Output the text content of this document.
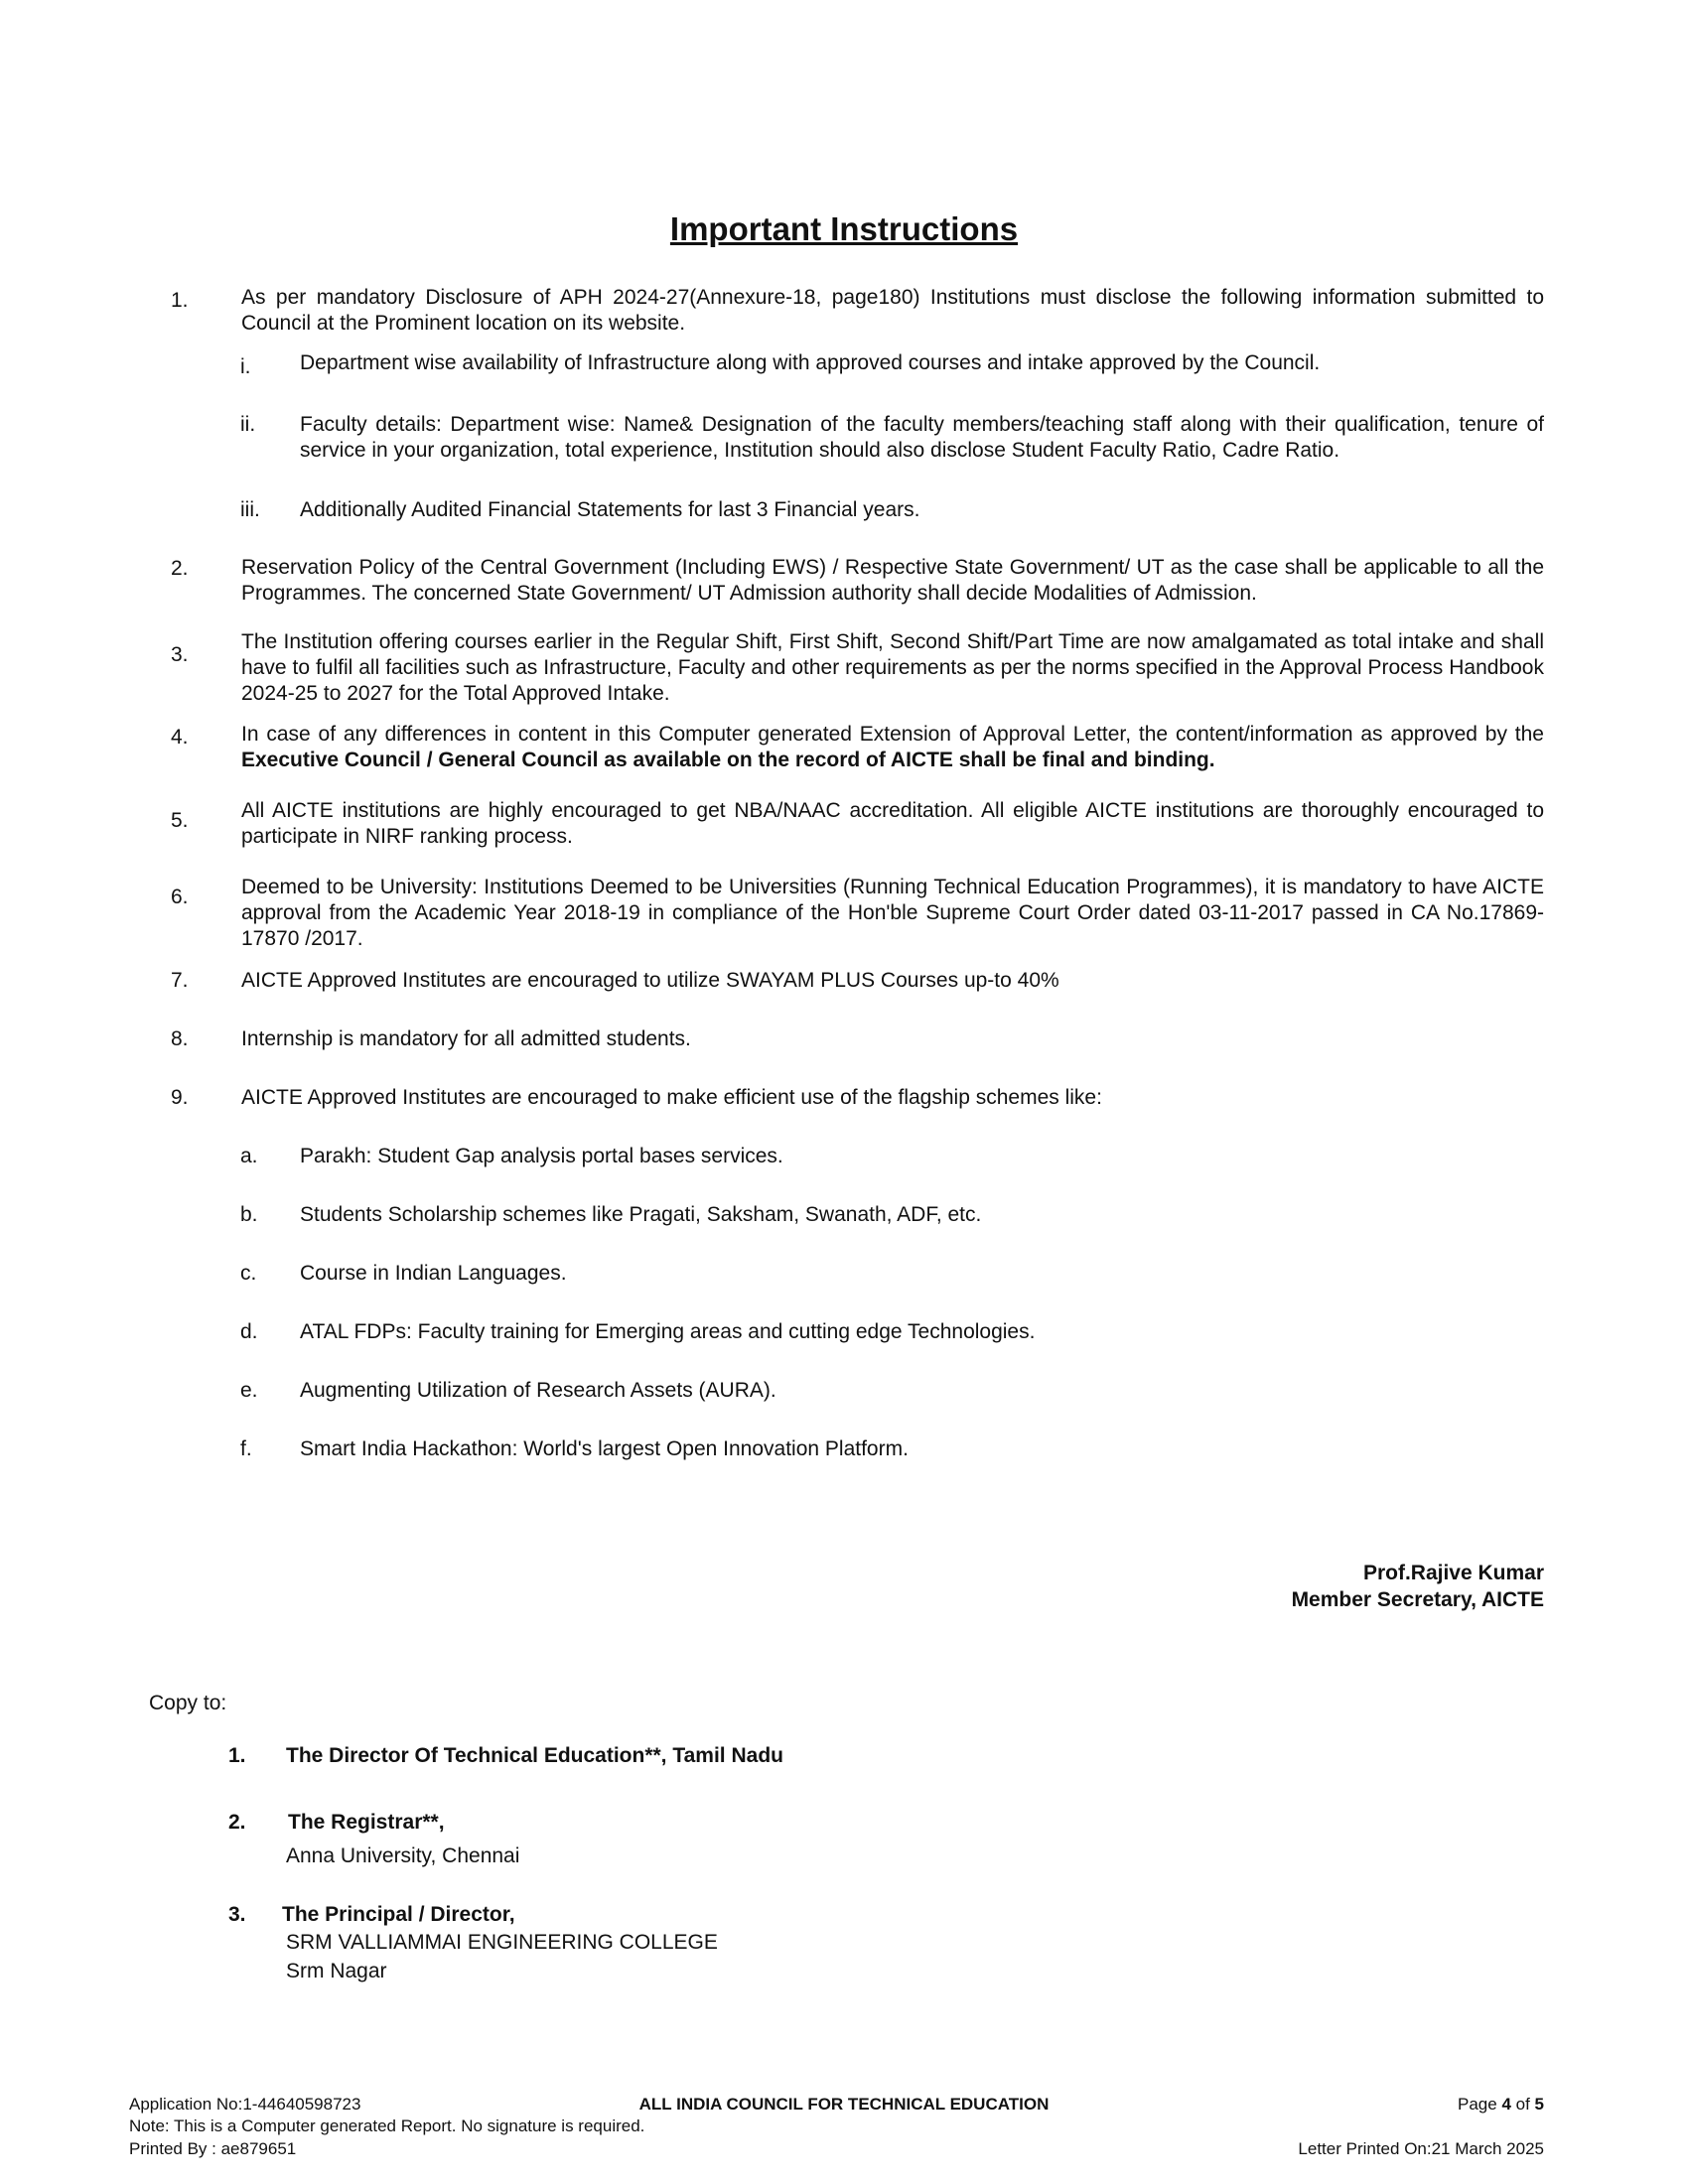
Important Instructions
1.	As per mandatory Disclosure of APH 2024-27(Annexure-18, page180) Institutions must disclose the following information submitted to Council at the Prominent location on its website.
i. Department wise availability of Infrastructure along with approved courses and intake approved by the Council.
ii. Faculty details: Department wise: Name& Designation of the faculty members/teaching staff along with their qualification, tenure of service in your organization, total experience, Institution should also disclose Student Faculty Ratio, Cadre Ratio.
iii. Additionally Audited Financial Statements for last 3 Financial years.
2.	Reservation Policy of the Central Government (Including EWS) / Respective State Government/ UT as the case shall be applicable to all the Programmes. The concerned State Government/ UT Admission authority shall decide Modalities of Admission.
3.
The Institution offering courses earlier in the Regular Shift, First Shift, Second Shift/Part Time are now amalgamated as total intake and shall have to fulfil all facilities such as Infrastructure, Faculty and other requirements as per the norms specified in the Approval Process Handbook 2024-25 to 2027 for the Total Approved Intake.
4.	In case of any differences in content in this Computer generated Extension of Approval Letter, the content/information as approved by the Executive Council / General Council as available on the record of AICTE shall be final and binding.
5.	All AICTE institutions are highly encouraged to get NBA/NAAC accreditation. All eligible AICTE institutions are thoroughly encouraged to participate in NIRF ranking process.
6.	Deemed to be University: Institutions Deemed to be Universities (Running Technical Education Programmes), it is mandatory to have AICTE approval from the Academic Year 2018-19 in compliance of the Hon'ble Supreme Court Order dated 03-11-2017 passed in CA No.17869- 17870 /2017.
7.	AICTE Approved Institutes are encouraged to utilize SWAYAM PLUS Courses up-to 40%
8.	Internship is mandatory for all admitted students.
9.	AICTE Approved Institutes are encouraged to make efficient use of the flagship schemes like:
a. Parakh: Student Gap analysis portal bases services.
b. Students Scholarship schemes like Pragati, Saksham, Swanath, ADF, etc.
c. Course in Indian Languages.
d. ATAL FDPs: Faculty training for Emerging areas and cutting edge Technologies.
e. Augmenting Utilization of Research Assets (AURA).
f. Smart India Hackathon: World's largest Open Innovation Platform.
Prof.Rajive Kumar
Member Secretary, AICTE
Copy to:
1. The Director Of Technical Education**, Tamil Nadu
2. The Registrar**,
Anna University, Chennai
3. The Principal / Director,
SRM VALLIAMMAI ENGINEERING COLLEGE
Srm Nagar
Application No:1-44640598723	ALL INDIA COUNCIL FOR TECHNICAL EDUCATION	Page 4 of 5
Note: This is a Computer generated Report. No signature is required.
Printed By : ae879651	Letter Printed On:21 March 2025
